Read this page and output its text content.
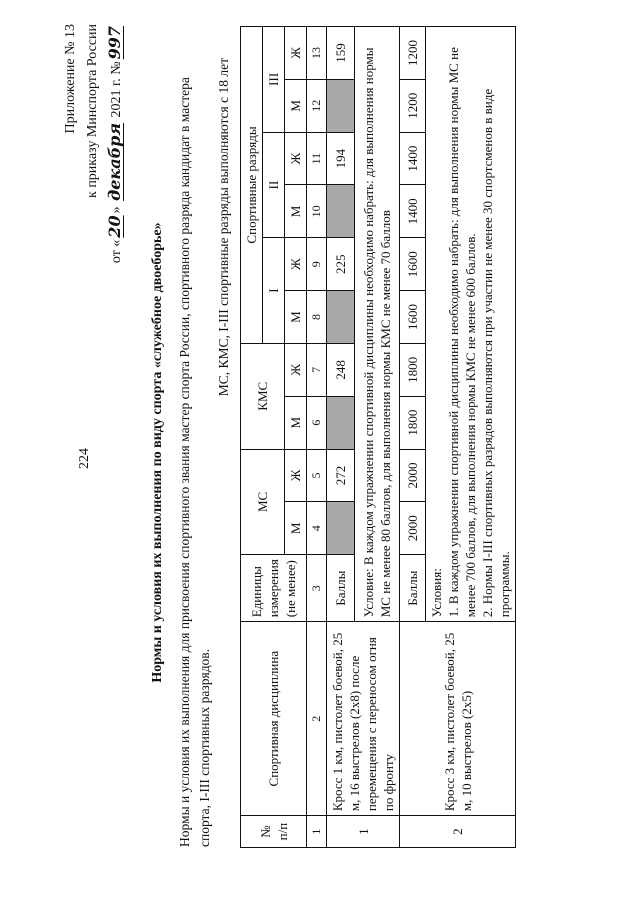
224
Приложение № 13 к приказу Минспорта России
от «20» декабря 2021 г. №997
Нормы и условия их выполнения по виду спорта «служебное двоеборье» Нормы и условия их выполнения для присвоения спортивного звания мастер спорта России, спортивного разряда кандидат в мастера спорта, I-III спортивных разрядов.
МС, КМС, I-III спортивные разряды выполняются с 18 лет
№ п/п	Спортивная дисциплина	Единицы измерения (не менее)	МС		КМС		Спортивные разряды					
							I		II		III	
			М	Ж	М	Ж	М	Ж	М	Ж	М	Ж
1	2	3	4	5	6	7	8	9	10	11	12	13
1	Кросс 1 км, пистолет боевой, 25 м, 16 выстрелов (2х8) после перемещения с переносом огня по фронту	Баллы		272		248		225		194		159
		Условие: В каждом упражнении спортивной дисциплины необходимо набрать: для выполнения нормы МС не менее 80 баллов, для выполнения нормы КМС не менее 70 баллов										
2	Кросс 3 км, пистолет боевой, 25 м, 10 выстрелов (2х5)	Баллы	2000	2000	1800	1800	1600	1600	1400	1400	1200	1200

		Условия: 1. В каждом упражнении спортивной дисциплины необходимо набрать: для выполнения нормы МС не менее 700 баллов, для выполнения нормы КМС не менее 600 баллов. 2. Нормы I-III спортивных разрядов выполняются при участии не менее 30 спортсменов в виде программы.										
